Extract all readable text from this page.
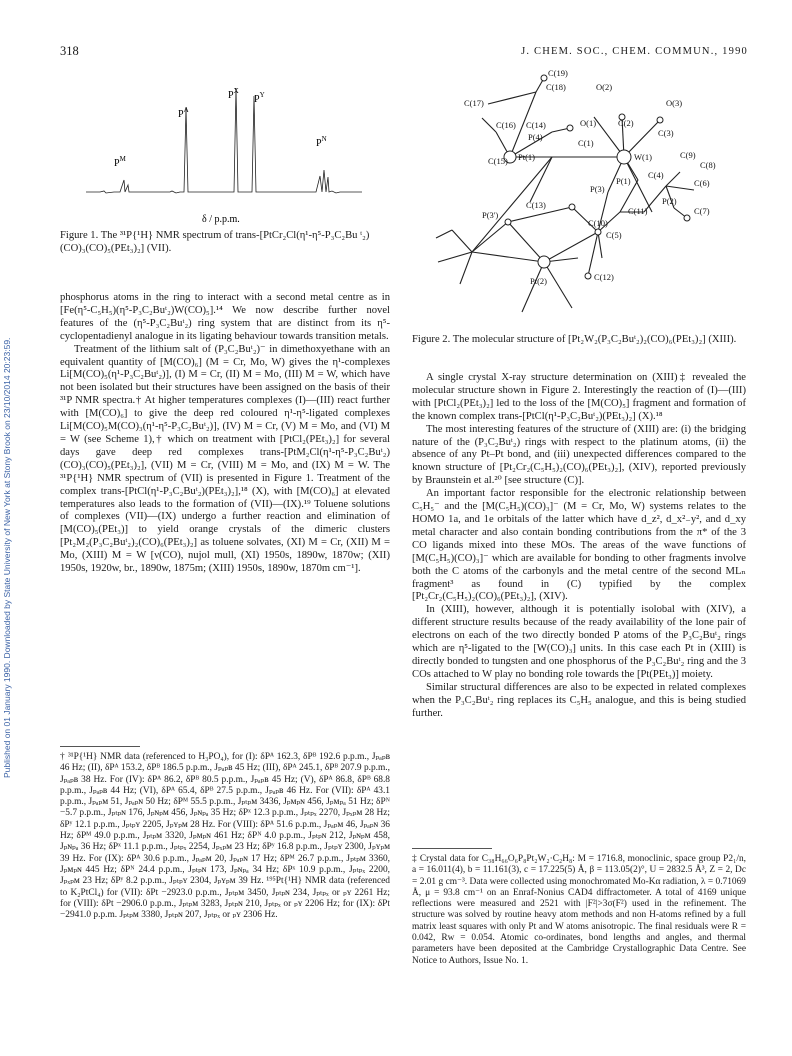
318	J. CHEM. SOC., CHEM. COMMUN., 1990
Published on 01 January 1990. Downloaded by State University of New York at Stony Brook on 23/10/2014 20:23:59.
$P^A$
$P^X$
$P^Y$
$P^M$
$P^N$
δ / p.p.m.
Figure 1. The ³¹P{¹H} NMR spectrum of trans-[PtCr₂Cl(η¹-η⁵-P₃C₂Bu ᵗ₂)(CO)₃(CO)₅(PEt₃)₂] (VII).
C(19)
C(18)	O(2)
C(17)	O(3)
C(16) C(14)	O(1)	C(2)
P(4)
C(1)
C(3)
C(15) Pt(1)	W(1)	C(9)
C(8)
C(4)
C(6)
P(3)
P(1)
P(2)
C(7)
C(13)
C(11)
P(3')
C(10)
C(5)
Pt(2)	C(12)
Figure 2. The molecular structure of [Pt₂W₂(P₃C₂Buᵗ₂)₂(CO)₆(PEt₃)₂] (XIII).

phosphorus atoms in the ring to interact with a second metal centre as in [Fe(η⁵-C₅H₅)(η⁵-P₃C₂Buᵗ₂)W(CO)₅].¹⁴ We now describe further novel features of the (η⁵-P₃C₂Buᵗ₂) ring system that are distinct from its η⁵-cyclopentadienyl analogue in its ligating behaviour towards transition metals.

Treatment of the lithium salt of (P₃C₂Buᵗ₂)⁻ in dimethoxyethane with an equivalent quantity of [M(CO)₆] (M = Cr, Mo, W) gives the η¹-complexes Li[M(CO)₅(η¹-P₃C₂Buᵗ₂)], (I) M = Cr, (II) M = Mo, (III) M = W, which have not been isolated but their structures have been assigned on the basis of their ³¹P NMR spectra.† At higher temperatures complexes (I)—(III) react further with [M(CO)₆] to give the deep red coloured η¹-η⁵-ligated complexes Li[M(CO)₅M(CO)₃(η¹-η⁵-P₃C₂Buᵗ₂)], (IV) M = Cr, (V) M = Mo, and (VI) M = W (see Scheme 1),† which on treatment with [PtCl₂(PEt₃)₂] for several days gave deep red complexes trans-[PtM₂Cl(η¹-η⁵-P₃C₂Buᵗ₂)(CO)₃(CO)₅(PEt₃)₂], (VII) M = Cr, (VIII) M = Mo, and (IX) M = W. The ³¹P{¹H} NMR spectrum of (VII) is presented in Figure 1. Treatment of the complex trans-[PtCl(η¹-P₃C₂Buᵗ₂)(PEt₃)₂],¹⁸ (X), with [M(CO)₆] at elevated temperatures also leads to the formation of (VII)—(IX).¹⁹ Toluene solutions of complexes (VII)—(IX) undergo a further reaction and elimination of [M(CO)₅(PEt₃)] to yield orange crystals of the dimeric clusters [Pt₂M₂(P₃C₂Buᵗ₂)₂(CO)₆(PEt₃)₂] as toluene solvates, (XI) M = Cr, (XII) M = Mo, (XIII) M = W [ν(CO), nujol mull, (XI) 1950s, 1890w, 1870w; (XII) 1950s, 1920w, br., 1890w, 1875m; (XIII) 1950s, 1890w, 1870m cm⁻¹].

† ³¹P{¹H} NMR data (referenced to H₃PO₄), for (I): δPᴬ 162.3, δPᴮ 192.6 p.p.m., Jₚₐₚʙ 46 Hz; (II), δPᴬ 153.2, δPᴮ 186.5 p.p.m., Jₚₐₚʙ 45 Hz; (III), δPᴬ 245.1, δPᴮ 207.9 p.p.m., Jₚₐₚʙ 38 Hz. For (IV): δPᴬ 86.2, δPᴮ 80.5 p.p.m., Jₚₐₚʙ 45 Hz; (V), δPᴬ 86.8, δPᴮ 68.8 p.p.m., Jₚₐₚʙ 44 Hz; (VI), δPᴬ 65.4, δPᴮ 27.5 p.p.m., Jₚₐₚʙ 46 Hz. For (VII): δPᴬ 43.1 p.p.m., Jₚₐₚᴍ 51, Jₚₐₚɴ 50 Hz; δPᴹ 55.5 p.p.m., Jₚₜₚᴍ 3436, Jₚᴍₚɴ 456, Jₚᴍₚₐ 51 Hz; δPᴺ −5.7 p.p.m., Jₚₜₚɴ 176, Jₚɴₚᴍ 456, Jₚɴₚₐ 35 Hz; δPˣ 12.3 p.p.m., Jₚₜₚₓ 2270, Jₚₓₚᴍ 28 Hz; δPʸ 12.1 p.p.m., Jₚₜₚʏ 2205, Jₚʏₚᴍ 28 Hz. For (VIII): δPᴬ 51.6 p.p.m., Jₚₐₚᴍ 46, Jₚₐₚɴ 36 Hz; δPᴹ 49.0 p.p.m., Jₚₜₚᴍ 3320, Jₚᴍₚɴ 461 Hz; δPᴺ 4.0 p.p.m., Jₚₜₚɴ 212, Jₚɴₚᴍ 458, Jₚɴₚₐ 36 Hz; δPˣ 11.1 p.p.m., Jₚₜₚₓ 2254, Jₚₓₚᴍ 23 Hz; δPʸ 16.8 p.p.m., Jₚₜₚʏ 2300, Jₚʏₚᴍ 39 Hz. For (IX): δPᴬ 30.6 p.p.m., Jₚₐₚᴍ 20, Jₚₐₚɴ 17 Hz; δPᴹ 26.7 p.p.m., Jₚₜₚᴍ 3360, Jₚᴍₚɴ 445 Hz; δPᴺ 24.4 p.p.m., Jₚₜₚɴ 173, Jₚɴₚₐ 34 Hz; δPˣ 10.9 p.p.m., Jₚₜₚₓ 2200, Jₚₓₚᴍ 23 Hz; δPʸ 8.2 p.p.m., Jₚₜₚʏ 2304, Jₚʏₚᴍ 39 Hz. ¹⁹⁵Pt{¹H} NMR data (referenced to K₂PtCl₄) for (VII): δPt −2923.0 p.p.m., Jₚₜₚᴍ 3450, Jₚₜₚɴ 234, Jₚₜₚₓ or ₚʏ 2261 Hz; for (VIII): δPt −2906.0 p.p.m., Jₚₜₚᴍ 3283, Jₚₜₚɴ 210, Jₚₜₚₓ or ₚʏ 2206 Hz; for (IX): δPt −2941.0 p.p.m. Jₚₜₚᴍ 3380, Jₚₜₚɴ 207, Jₚₜₚₓ or ₚʏ 2306 Hz.

A single crystal X-ray structure determination on (XIII)‡ revealed the molecular structure shown in Figure 2. Interestingly the reaction of (I)—(III) with [PtCl₂(PEt₃)₂] led to the loss of the [M(CO)₅] fragment and formation of the known complex trans-[PtCl(η¹-P₃C₂Buᵗ₂)(PEt₃)₂] (X).¹⁸

The most interesting features of the structure of (XIII) are: (i) the bridging nature of the (P₃C₂Buᵗ₂) rings with respect to the platinum atoms, (ii) the absence of any Pt–Pt bond, and (iii) unexpected differences compared to the known structure of [Pt₂Cr₂(C₅H₅)₂(CO)₆(PEt₃)₂], (XIV), reported previously by Braunstein et al.²⁰ [see structure (C)].

An important factor responsible for the electronic relationship between C₅H₅⁻ and the [M(C₅H₅)(CO)₃]⁻ (M = Cr, Mo, W) systems relates to the HOMO 1a, and 1e orbitals of the latter which have d_z², d_x²₋y², and d_xy metal character and also contain bonding contributions from the π* of the 3 CO ligands mixed into these MOs. The areas of the wave functions of [M(C₅H₅)(CO)₃]⁻ which are available for bonding to other fragments involve both the C atoms of the carbonyls and the metal centre of the second MLₙ fragment³ as found in (C) typified by the complex [Pt₂Cr₂(C₅H₅)₂(CO)₆(PEt₃)₂], (XIV).

In (XIII), however, although it is potentially isolobal with (XIV), a different structure results because of the ready availability of the lone pair of electrons on each of the two directly bonded P atoms of the P₃C₂Buᵗ₂ rings which are η⁵-ligated to the [W(CO)₃] units. In this case each Pt in (XIII) is directly bonded to tungsten and one phosphorus of the P₃C₂Buᵗ₂ ring and the 3 COs attached to W play no bonding role towards the [Pt(PEt₃)] moiety.

Similar structural differences are also to be expected in related complexes when the P₃C₂Buᵗ₂ ring replaces its C₅H₅ analogue, and this is being studied further.

‡ Crystal data for C₃₈H₆₆O₆P₈Pt₂W₂·C₂H₈: M = 1716.8, monoclinic, space group P2₁/n, a = 16.011(4), b = 11.161(3), c = 17.225(5) Å, β = 113.05(2)°, U = 2832.5 Å³, Z = 2, Dc = 2.01 g cm⁻³. Data were collected using monochromated Mo-Kα radiation, λ = 0.71069 Å, μ = 93.8 cm⁻¹ on an Enraf-Nonius CAD4 diffractometer. A total of 4169 unique reflections were measured and 2521 with |F²|>3σ(F²) used in the refinement. The structure was solved by routine heavy atom methods and non H-atoms refined by a full matrix least squares with only Pt and W atoms anisotropic. The final residuals were R = 0.042, Rw = 0.054. Atomic co-ordinates, bond lengths and angles, and thermal parameters have been deposited at the Cambridge Crystallographic Data Centre. See Notice to Authors, Issue No. 1.
